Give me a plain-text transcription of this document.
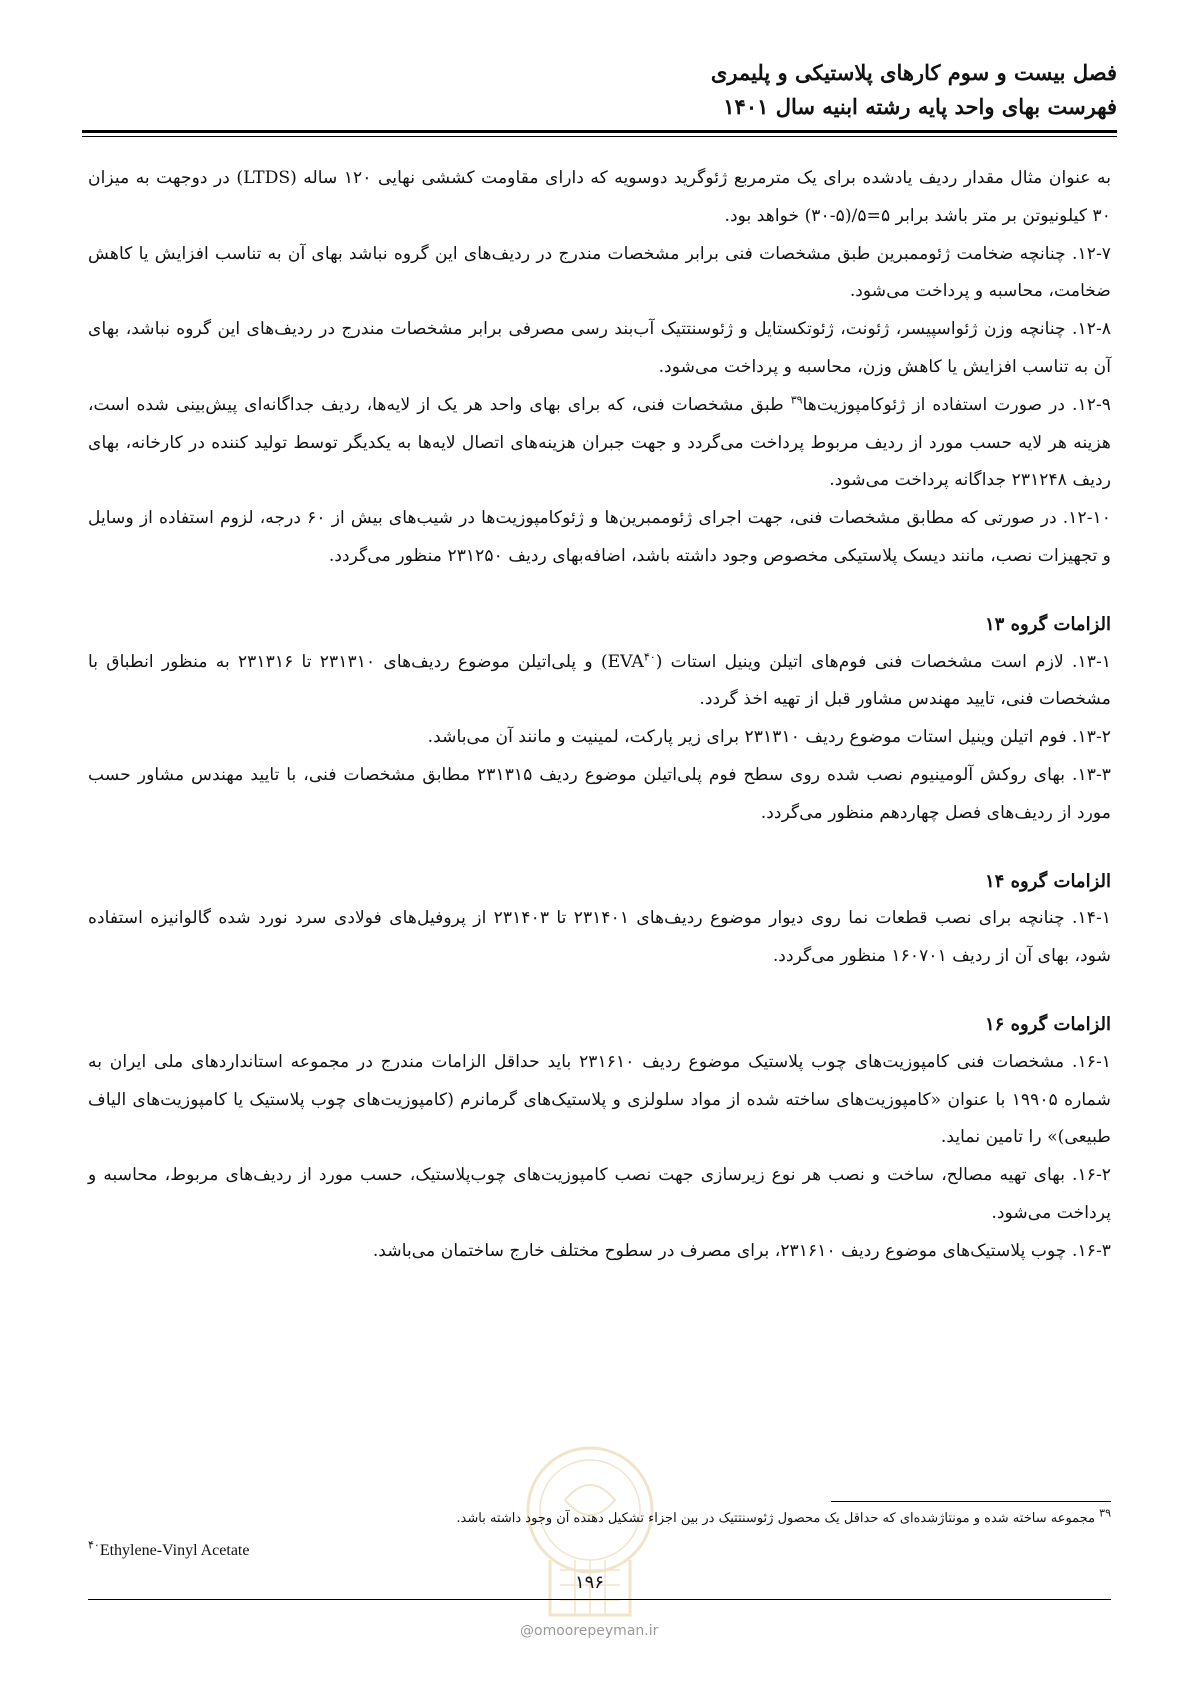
فصل بیست و سوم کارهای پلاستیکی و پلیمری
فهرست بهای واحد پایه رشته ابنیه سال ۱۴۰۱

به عنوان مثال مقدار ردیف یادشده برای یک مترمربع ژئوگرید دوسویه که دارای مقاومت کششی نهایی ۱۲۰ ساله (LTDS) در دوجهت به میزان ۳۰ کیلونیوتن بر متر باشد برابر ۵=۵/(۵-۳۰) خواهد بود.

۱۲-۷. چنانچه ضخامت ژئوممبرین طبق مشخصات فنی برابر مشخصات مندرج در ردیف‌های این گروه نباشد بهای آن به تناسب افزایش یا کاهش ضخامت، محاسبه و پرداخت می‌شود.

۱۲-۸. چنانچه وزن ژئواسپیسر، ژئونت، ژئوتکستایل و ژئوسنتتیک آب‌بند رسی مصرفی برابر مشخصات مندرج در ردیف‌های این گروه نباشد، بهای آن به تناسب افزایش یا کاهش وزن، محاسبه و پرداخت می‌شود.

۱۲-۹. در صورت استفاده از ژئوکامپوزیت‌ها$^{۳۹}$ طبق مشخصات فنی، که برای بهای واحد هر یک از لایه‌ها، ردیف جداگانه‌ای پیش‌بینی شده است، هزینه هر لایه حسب مورد از ردیف مربوط پرداخت می‌گردد و جهت جبران هزینه‌های اتصال لایه‌ها به یکدیگر توسط تولید کننده در کارخانه، بهای ردیف ۲۳۱۲۴۸ جداگانه پرداخت می‌شود.

۱۲-۱۰. در صورتی که مطابق مشخصات فنی، جهت اجرای ژئوممبرین‌ها و ژئوکامپوزیت‌ها در شیب‌های بیش از ۶۰ درجه، لزوم استفاده از وسایل و تجهیزات نصب، مانند دیسک پلاستیکی مخصوص وجود داشته باشد، اضافه‌بهای ردیف ۲۳۱۲۵۰ منظور می‌گردد.

الزامات گروه ۱۳

۱۳-۱. لازم است مشخصات فنی فوم‌های اتیلن وینیل استات (EVA$^{۴۰}$) و پلی‌اتیلن موضوع ردیف‌های ۲۳۱۳۱۰ تا ۲۳۱۳۱۶ به منظور انطباق با مشخصات فنی، تایید مهندس مشاور قبل از تهیه اخذ گردد.

۱۳-۲. فوم اتیلن وینیل استات موضوع ردیف ۲۳۱۳۱۰ برای زیر پارکت، لمینیت و مانند آن می‌باشد.

۱۳-۳. بهای روکش آلومینیوم نصب شده روی سطح فوم پلی‌اتیلن موضوع ردیف ۲۳۱۳۱۵ مطابق مشخصات فنی، با تایید مهندس مشاور حسب مورد از ردیف‌های فصل چهاردهم منظور می‌گردد.

الزامات گروه ۱۴

۱۴-۱. چنانچه برای نصب قطعات نما روی دیوار موضوع ردیف‌های ۲۳۱۴۰۱ تا ۲۳۱۴۰۳ از پروفیل‌های فولادی سرد نورد شده گالوانیزه استفاده شود، بهای آن از ردیف ۱۶۰۷۰۱ منظور می‌گردد.

الزامات گروه ۱۶

۱۶-۱. مشخصات فنی کامپوزیت‌های چوب پلاستیک موضوع ردیف ۲۳۱۶۱۰ باید حداقل الزامات مندرج در مجموعه استانداردهای ملی ایران به شماره ۱۹۹۰۵ با عنوان «کامپوزیت‌های ساخته شده از مواد سلولزی و پلاستیک‌های گرمانرم (کامپوزیت‌های چوب پلاستیک یا کامپوزیت‌های الیاف طبیعی)» را تامین نماید.

۱۶-۲. بهای تهیه مصالح، ساخت و نصب هر نوع زیرسازی جهت نصب کامپوزیت‌های چوب‌پلاستیک، حسب مورد از ردیف‌های مربوط، محاسبه و پرداخت می‌شود.

۱۶-۳. چوب پلاستیک‌های موضوع ردیف ۲۳۱۶۱۰، برای مصرف در سطوح مختلف خارج ساختمان می‌باشد.

$^{۳۹}$ مجموعه ساخته شده و مونتاژشده‌ای که حداقل یک محصول ژئوسنتتیک در بین اجزاء تشکیل دهنده آن وجود داشته باشد.
$^{۴۰}$Ethylene-Vinyl Acetate
۱۹۶
@omoorepeyman.ir
